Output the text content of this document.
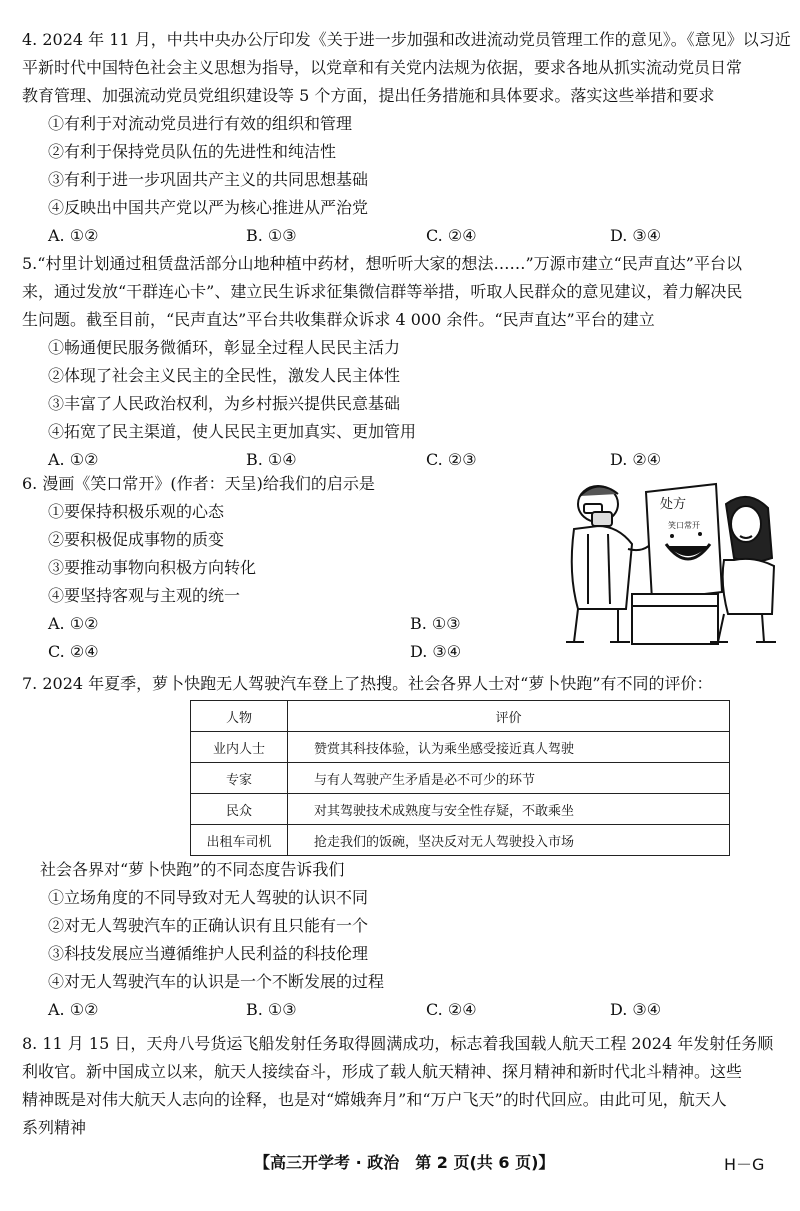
4. 2024 年 11 月，中共中央办公厅印发《关于进一步加强和改进流动党员管理工作的意见》。《意见》以习近

平新时代中国特色社会主义思想为指导，以党章和有关党内法规为依据，要求各地从抓实流动党员日常

教育管理、加强流动党员党组织建设等 5 个方面，提出任务措施和具体要求。落实这些举措和要求

①有利于对流动党员进行有效的组织和管理

②有利于保持党员队伍的先进性和纯洁性

③有利于进一步巩固共产主义的共同思想基础

④反映出中国共产党以严为核心推进从严治党

A. ①②	B. ①③	C. ②④	D. ③④

5.“村里计划通过租赁盘活部分山地种植中药材，想听听大家的想法……”万源市建立“民声直达”平台以

来，通过发放“干群连心卡”、建立民生诉求征集微信群等举措，听取人民群众的意见建议，着力解决民

生问题。截至目前，“民声直达”平台共收集群众诉求 4 000 余件。“民声直达”平台的建立

①畅通便民服务微循环，彰显全过程人民民主活力

②体现了社会主义民主的全民性，激发人民主体性

③丰富了人民政治权利，为乡村振兴提供民意基础

④拓宽了民主渠道，使人民民主更加真实、更加管用

A. ①②	B. ①④	C. ②③	D. ②④

6. 漫画《笑口常开》(作者：天呈)给我们的启示是

①要保持积极乐观的心态

②要积极促成事物的质变

③要推动事物向积极方向转化

④要坚持客观与主观的统一

A. ①②	B. ①③
C. ②④	D. ③④
处方
笑口常开

7. 2024 年夏季，萝卜快跑无人驾驶汽车登上了热搜。社会各界人士对“萝卜快跑”有不同的评价：

人物	评价
业内人士	赞赏其科技体验，认为乘坐感受接近真人驾驶
专家	与有人驾驶产生矛盾是必不可少的环节
民众	对其驾驶技术成熟度与安全性存疑，不敢乘坐
出租车司机	抢走我们的饭碗，坚决反对无人驾驶投入市场

社会各界对“萝卜快跑”的不同态度告诉我们

①立场角度的不同导致对无人驾驶的认识不同

②对无人驾驶汽车的正确认识有且只能有一个

③科技发展应当遵循维护人民利益的科技伦理

④对无人驾驶汽车的认识是一个不断发展的过程

A. ①②	B. ①③	C. ②④	D. ③④

8. 11 月 15 日，天舟八号货运飞船发射任务取得圆满成功，标志着我国载人航天工程 2024 年发射任务顺

利收官。新中国成立以来，航天人接续奋斗，形成了载人航天精神、探月精神和新时代北斗精神。这些

精神既是对伟大航天人志向的诠释，也是对“嫦娥奔月”和“万户飞天”的时代回应。由此可见，航天人

系列精神

【高三开学考 · 政治　第 2 页(共 6 页)】	H－G
